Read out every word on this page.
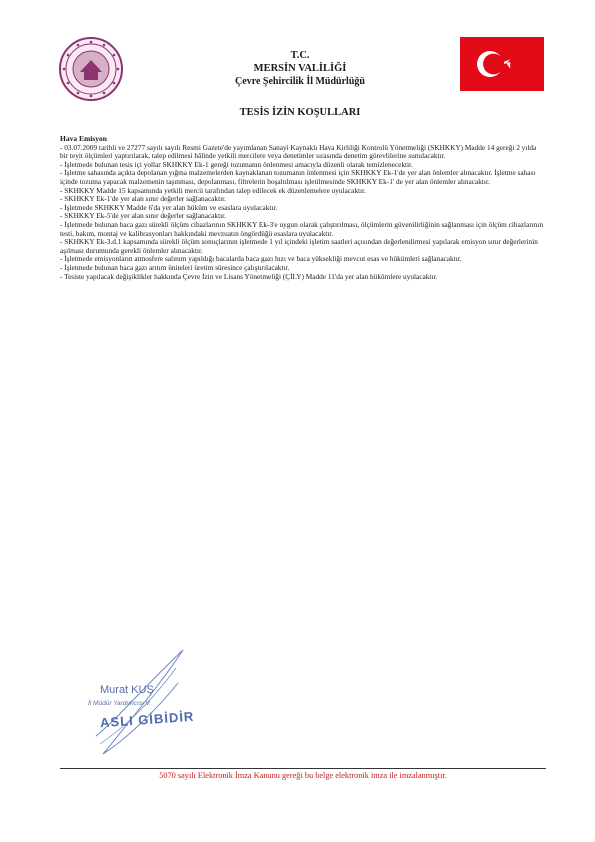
T.C.
MERSİN VALİLİĞİ
Çevre Şehircilik İl Müdürlüğü
TESİS İZİN KOŞULLARI
Hava Emisyon

- 03.07.2009 tarihli ve 27277 sayılı sayılı Resmi Gazete'de yayımlanan Sanayi Kaynaklı Hava Kirliliği Kontrolü Yönetmeliği (SKHKKY) Madde 14 gereği 2 yılda bir teyit ölçümleri yaptırılarak, talep edilmesi hâlinde yetkili mercilere veya denetimler sırasında denetim görevlilerine sunulacaktır.

- İşletmede bulunan tesis içi yollar SKHKKY Ek-1 gereği tozumanın önlenmesi amacıyla düzenli olarak temizlenecektir.

- İşletme sahasında açıkta depolanan yığma malzemelerden kaynaklanan tozumanın önlenmesi için SKHKKY Ek-1'de yer alan önlemler alınacaktır. İşletme sahası içinde tozuma yapacak malzemenin taşınması, depolanması, filtrelerin boşaltılması işletilmesinde SKHKKY Ek-1' de yer alan önlemler alınacaktır.

- SKHKKY Madde 15 kapsamında yetkili mercii tarafından talep edilecek ek düzenlemelere uyulacaktır.

- SKHKKY Ek-1'de yer alan sınır değerler sağlanacaktır.

- İşletmede SKHKKY Madde 6'da yer alan hüküm ve esaslara uyulacaktır.

- SKHKKY Ek-5'de yer alan sınır değerler sağlanacaktır.

- İşletmede bulunan baca gazı sürekli ölçüm cihazlarının SKHKKY Ek-3'e uygun olarak çalıştırılması, ölçümlerin güvenilirliğinin sağlanması için ölçüm cihazlarının testi, bakım, montaj ve kalibrasyonları hakkındaki mevzuatın öngördüğü esaslara uyulacaktır.

- SKHKKY Ek-3.d.1 kapsamında sürekli ölçüm sonuçlarının işletmede 1 yıl içindeki işletim saatleri açısından değerlendirmesi yapılarak emisyon sınır değerlerinin aşılması durumunda gerekli önlemler alınacaktır.

- İşletmede emisyonların atmosfere salınım yapıldığı bacalarda baca gazı hızı ve baca yüksekliği mevcut esas ve hükümleri sağlanacaktır.

- İşletmede bulunan baca gazı arıtım üniteleri üretim süresince çalıştırılacaktır.

- Tesiste yapılacak değişiklikler hakkında Çevre İzin ve Lisans Yönetmeliği (ÇİLY) Madde 11'da yer alan hükümlere uyulacaktır.

Murat KUŞ
İl Müdür Yardımcısı V.
ASLI GİBİDİR
5070 sayılı Elektronik İmza Kanunu gereği bu belge elektronik imza ile imzalanmıştır.
